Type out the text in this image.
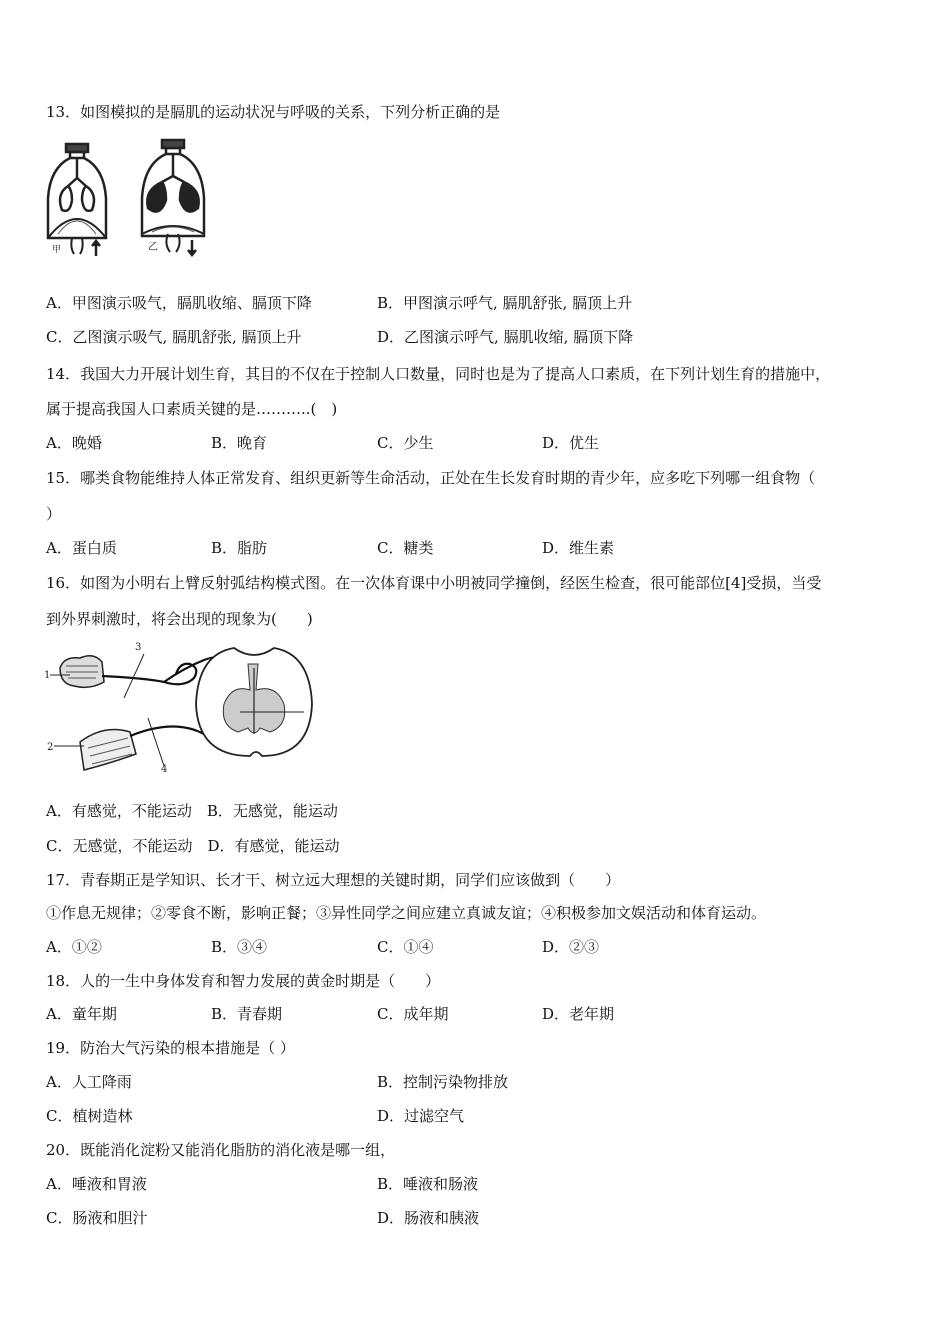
13．如图模拟的是膈肌的运动状况与呼吸的关系，下列分析正确的是
甲	乙
A．甲图演示吸气，膈肌收缩、膈顶下降	B．甲图演示呼气, 膈肌舒张, 膈顶上升
C．乙图演示吸气, 膈肌舒张, 膈顶上升	D．乙图演示呼气, 膈肌收缩, 膈顶下降
14．我国大力开展计划生育，其目的不仅在于控制人口数量，同时也是为了提高人口素质，在下列计划生育的措施中，
属于提高我国人口素质关键的是………..(　)
A．晚婚	B．晚育	C．少生	D．优生
15．哪类食物能维持人体正常发育、组织更新等生命活动，正处在生长发育时期的青少年，应多吃下列哪一组食物（
）
A．蛋白质	B．脂肪	C．糖类	D．维生素
16．如图为小明右上臂反射弧结构模式图。在一次体育课中小明被同学撞倒，经医生检查，很可能部位[4]受损，当受
到外界刺激时，将会出现的现象为(　　)
1
2
3
4
A．有感觉，不能运动　B．无感觉，能运动
C．无感觉，不能运动　D．有感觉，能运动
17．青春期正是学知识、长才干、树立远大理想的关键时期，同学们应该做到（　　）
①作息无规律；②零食不断，影响正餐；③异性同学之间应建立真诚友谊；④积极参加文娱活动和体育运动。
A．①②	B．③④	C．①④	D．②③
18．人的一生中身体发育和智力发展的黄金时期是（　　）
A．童年期	B．青春期	C．成年期	D．老年期
19．防治大气污染的根本措施是（ ）
A．人工降雨	B．控制污染物排放
C．植树造林	D．过滤空气
20．既能消化淀粉又能消化脂肪的消化液是哪一组，
A．唾液和胃液	B．唾液和肠液
C．肠液和胆汁	D．肠液和胰液
